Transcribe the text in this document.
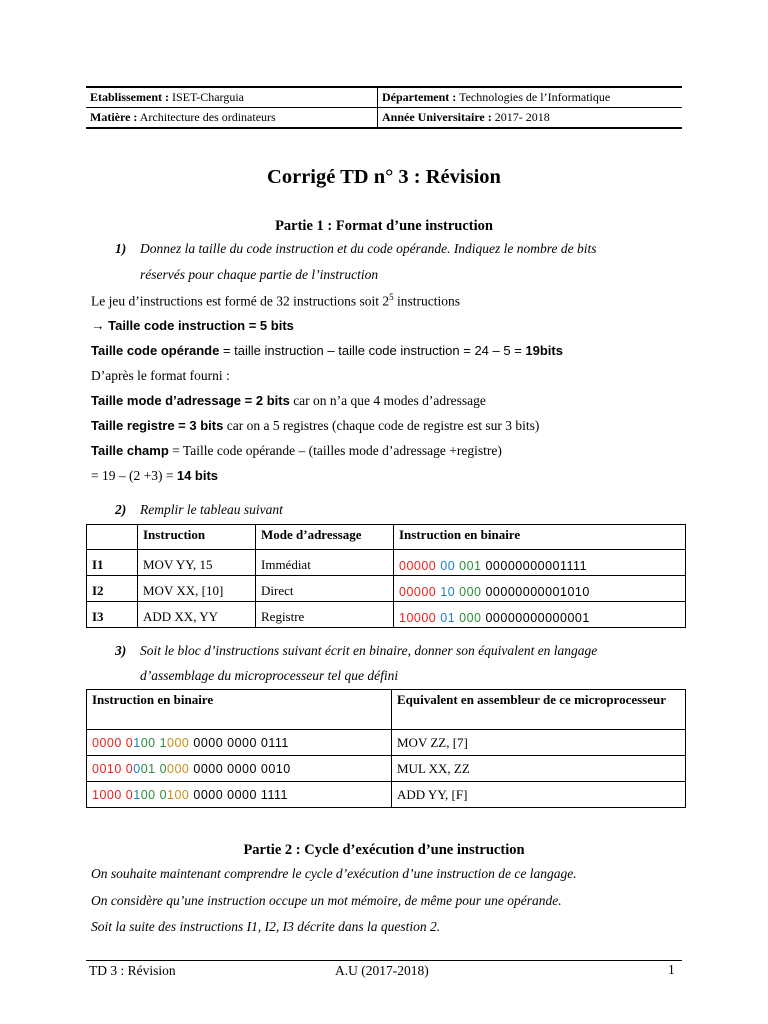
Etablissement : ISET-Charguia	Département : Technologies de l’Informatique
Matière : Architecture des ordinateurs	Année Universitaire : 2017- 2018
Corrigé TD n° 3 : Révision
Partie 1 : Format d’une instruction
1) Donnez la taille du code instruction et du code opérande. Indiquez le nombre de bits
réservés pour chaque partie de l’instruction
Le jeu d’instructions est formé de 32 instructions soit $2^5$ instructions
→ Taille code instruction = 5 bits
Taille code opérande = taille instruction – taille code instruction = 24 – 5 = 19bits
D’après le format fourni :
Taille mode d’adressage = 2 bits car on n’a que 4 modes d’adressage
Taille registre = 3 bits car on a 5 registres (chaque code de registre est sur 3 bits)
Taille champ = Taille code opérande – (tailles mode d’adressage +registre)
= 19 – (2 +3) = 14 bits
2) Remplir le tableau suivant
	Instruction	Mode d’adressage	Instruction en binaire
I1	MOV YY, 15	Immédiat	00000 00 001 00000000001111
I2	MOV XX, [10]	Direct	00000 10 000 00000000001010
I3	ADD XX, YY	Registre	10000 01 000 00000000000001
3) Soit le bloc d’instructions suivant écrit en binaire, donner son équivalent en langage
d’assemblage du microprocesseur tel que défini
Instruction en binaire	Equivalent en assembleur de ce microprocesseur
0000 0100 1000 0000 0000 0111	MOV ZZ, [7]
0010 0001 0000 0000 0000 0010	MUL XX, ZZ
1000 0100 0100 0000 0000 1111	ADD YY, [F]
Partie 2 : Cycle d’exécution d’une instruction
On souhaite maintenant comprendre le cycle d’exécution d’une instruction de ce langage.
On considère qu’une instruction occupe un mot mémoire, de même pour une opérande.
Soit la suite des instructions I1, I2, I3 décrite dans la question 2.
TD 3 : Révision	A.U (2017-2018)	1
